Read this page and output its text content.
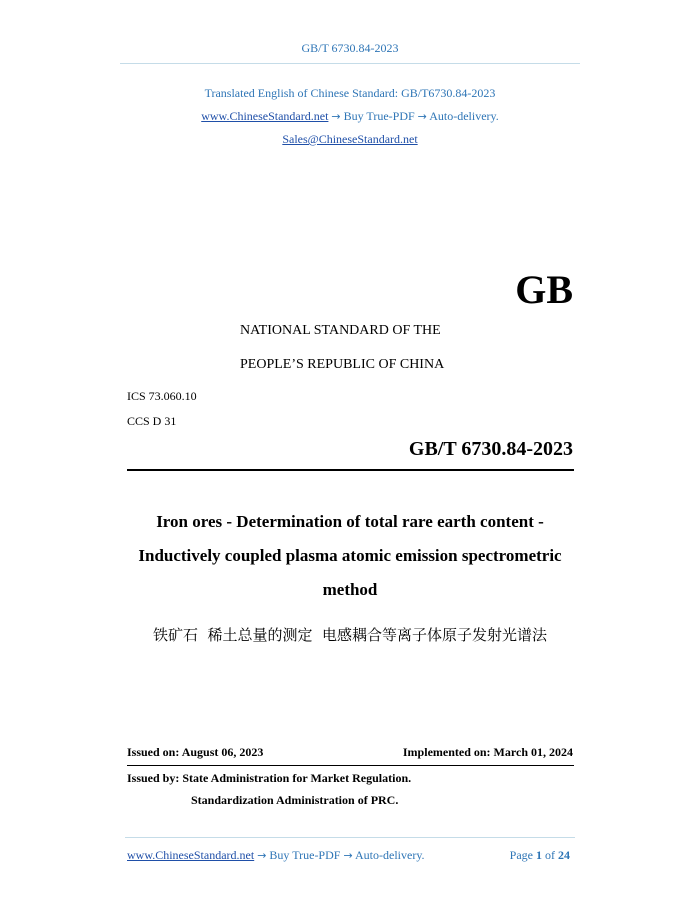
GB/T 6730.84-2023
Translated English of Chinese Standard: GB/T6730.84-2023
www.ChineseStandard.net → Buy True-PDF → Auto-delivery.
Sales@ChineseStandard.net
GB
NATIONAL STANDARD OF THE
PEOPLE’S REPUBLIC OF CHINA
ICS 73.060.10
CCS D 31
GB/T 6730.84-2023
Iron ores - Determination of total rare earth content -
Inductively coupled plasma atomic emission spectrometric
method
铁矿石  稀土总量的测定  电感耦合等离子体原子发射光谱法
Issued on: August 06, 2023	Implemented on: March 01, 2024
Issued by: State Administration for Market Regulation.
Standardization Administration of PRC.
www.ChineseStandard.net → Buy True-PDF → Auto-delivery.	Page 1 of 24
